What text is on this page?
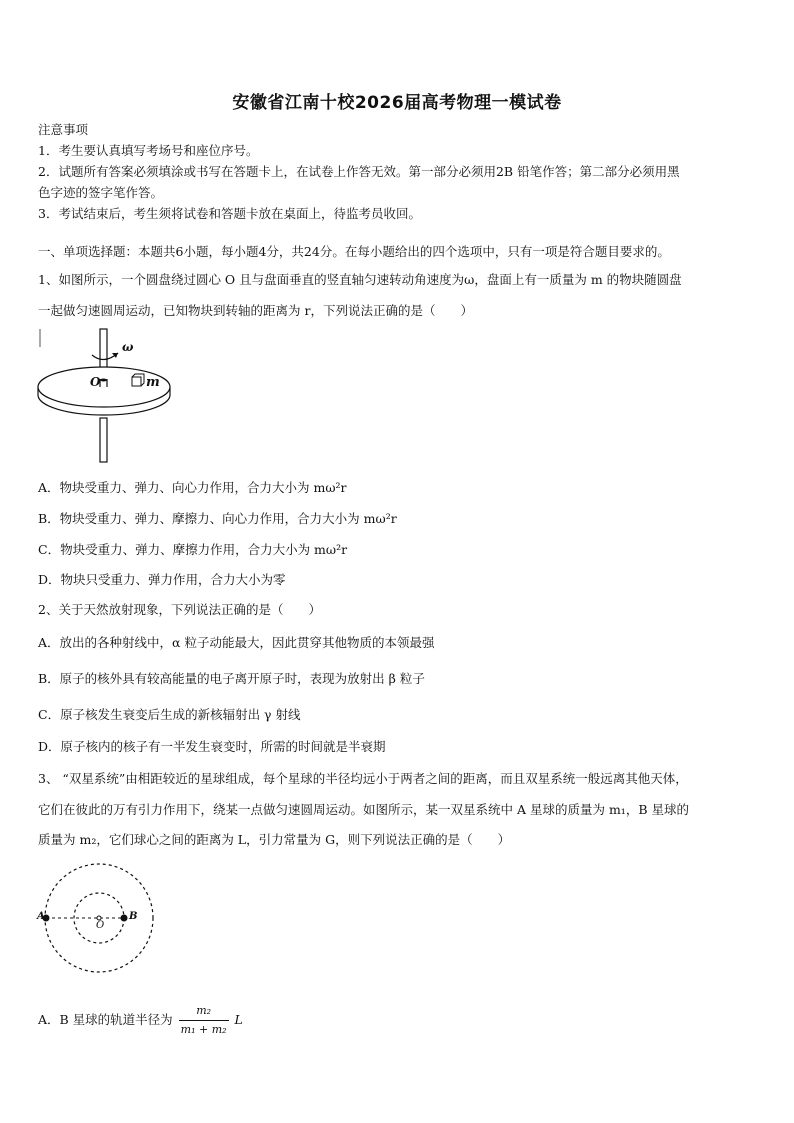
安徽省江南十校2026届高考物理一模试卷
注意事项
1．考生要认真填写考场号和座位序号。
2．试题所有答案必须填涂或书写在答题卡上，在试卷上作答无效。第一部分必须用2B 铅笔作答；第二部分必须用黑
色字迹的签字笔作答。
3．考试结束后，考生须将试卷和答题卡放在桌面上，待监考员收回。
一、单项选择题：本题共6小题，每小题4分，共24分。在每小题给出的四个选项中，只有一项是符合题目要求的。
1、如图所示，一个圆盘绕过圆心 O 且与盘面垂直的竖直轴匀速转动角速度为ω，盘面上有一质量为 m 的物块随圆盘
一起做匀速圆周运动，已知物块到转轴的距离为 r，下列说法正确的是（　　）
ω
O	m
A．物块受重力、弹力、向心力作用，合力大小为 mω²r
B．物块受重力、弹力、摩擦力、向心力作用，合力大小为 mω²r
C．物块受重力、弹力、摩擦力作用，合力大小为 mω²r
D．物块只受重力、弹力作用，合力大小为零
2、关于天然放射现象，下列说法正确的是（　　）
A．放出的各种射线中，α 粒子动能最大，因此贯穿其他物质的本领最强
B．原子的核外具有较高能量的电子离开原子时，表现为放射出 β 粒子
C．原子核发生衰变后生成的新核辐射出 γ 射线
D．原子核内的核子有一半发生衰变时，所需的时间就是半衰期
3、 “双星系统”由相距较近的星球组成，每个星球的半径均远小于两者之间的距离，而且双星系统一般远离其他天体，
它们在彼此的万有引力作用下，绕某一点做匀速圆周运动。如图所示，某一双星系统中 A 星球的质量为 m₁，B 星球的
质量为 m₂，它们球心之间的距离为 L，引力常量为 G，则下列说法正确的是（　　）
A	B
O
A．B 星球的轨道半径为 $\frac{\text{m₂}}{\text{m₁ + m₂}}$ L
